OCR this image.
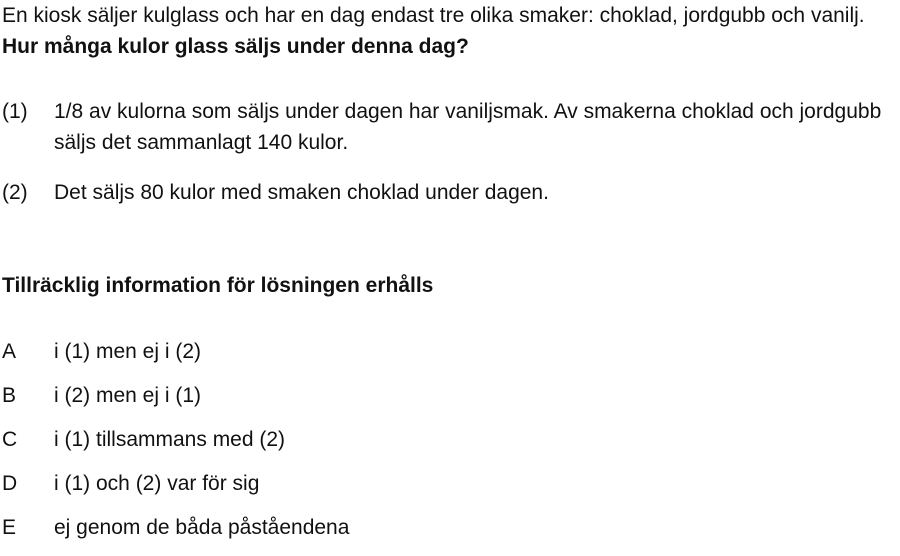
En kiosk säljer kulglass och har en dag endast tre olika smaker: choklad, jordgubb och vanilj. Hur många kulor glass säljs under denna dag?
(1)	1/8 av kulorna som säljs under dagen har vaniljsmak. Av smakerna choklad och jordgubb säljs det sammanlagt 140 kulor.
(2)	Det säljs 80 kulor med smaken choklad under dagen.
Tillräcklig information för lösningen erhålls
A	i (1) men ej i (2)
B	i (2) men ej i (1)
C	i (1) tillsammans med (2)
D	i (1) och (2) var för sig
E	ej genom de båda påståendena
